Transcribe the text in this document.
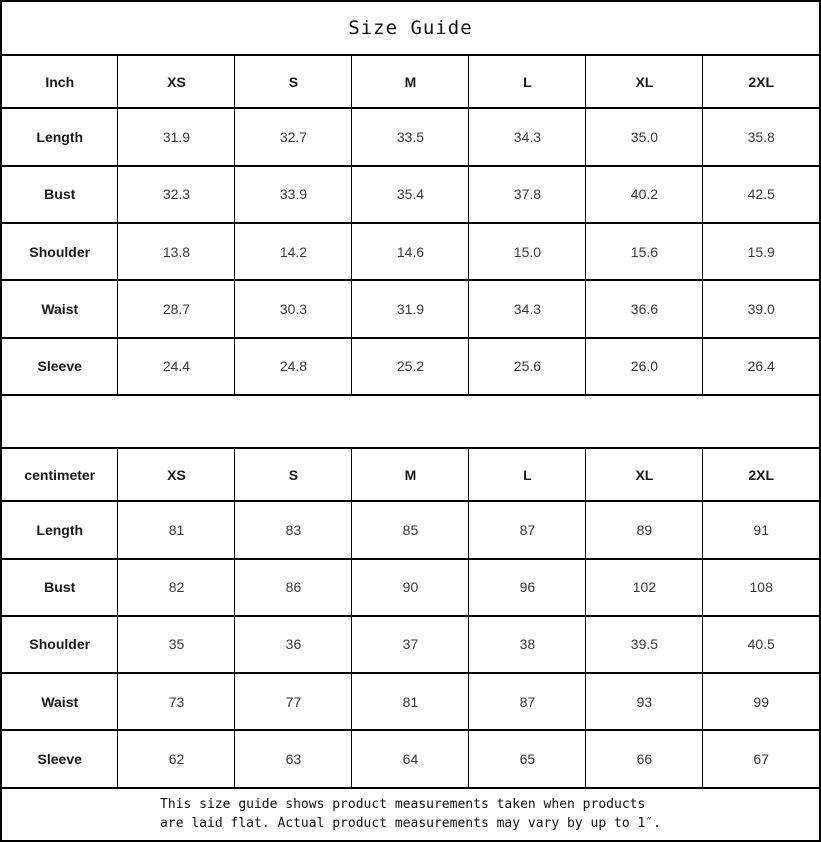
Size Guide						
Inch	XS	S	M	L	XL	2XL
Length	31.9	32.7	33.5	34.3	35.0	35.8
Bust	32.3	33.9	35.4	37.8	40.2	42.5
Shoulder	13.8	14.2	14.6	15.0	15.6	15.9
Waist	28.7	30.3	31.9	34.3	36.6	39.0
Sleeve	24.4	24.8	25.2	25.6	26.0	26.4

centimeter	XS	S	M	L	XL	2XL
Length	81	83	85	87	89	91
Bust	82	86	90	96	102	108
Shoulder	35	36	37	38	39.5	40.5
Waist	73	77	81	87	93	99
Sleeve	62	63	64	65	66	67
This size guide shows product measurements taken when products
are laid flat. Actual product measurements may vary by up to 1″.						
